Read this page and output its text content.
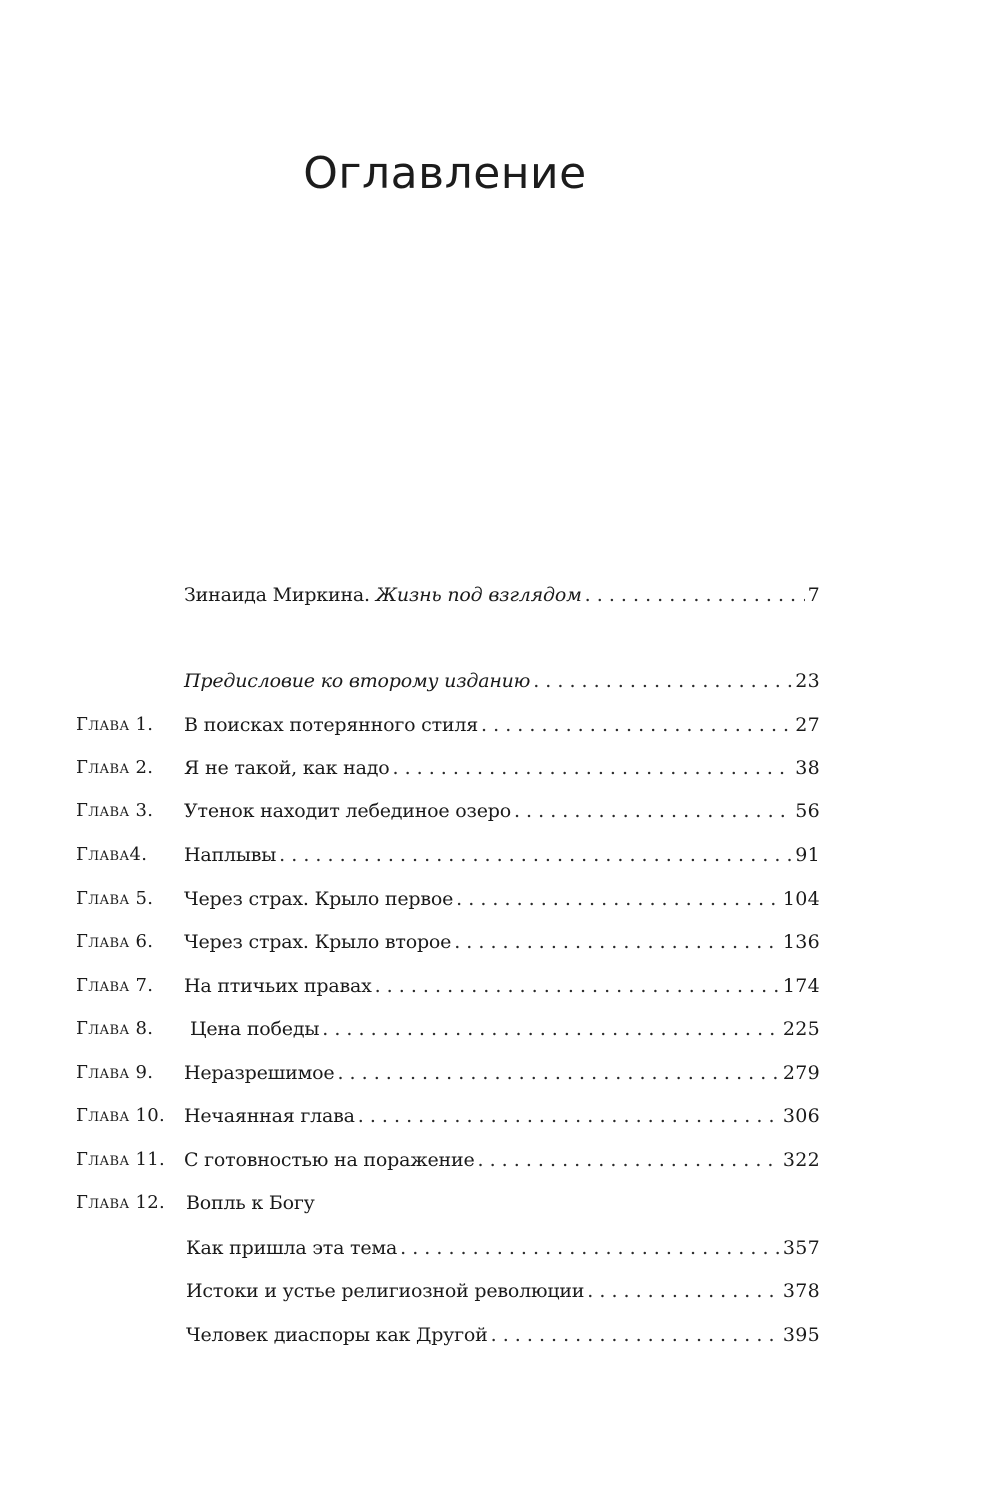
Оглавление
Зинаида Миркина. Жизнь под взглядом . . .	7
Предисловие ко второму изданию . . .	23
Глава 1. В поисках потерянного стиля . . .	27
Глава 2. Я не такой, как надо . . .	38
Глава 3. Утенок находит лебединое озеро . . .	56
Глава4. Наплывы . . .	91
Глава 5. Через страх. Крыло первое . . .	104
Глава 6. Через страх. Крыло второе . . .	136
Глава 7. На птичьих правах . . .	174
Глава 8. Цена победы . . .	225
Глава 9. Неразрешимое . . .	279
Глава 10. Нечаянная глава . . .	306
Глава 11. С готовностью на поражение . . .	322
Глава 12. Вопль к Богу
Как пришла эта тема . . .	357
Истоки и устье религиозной революции . . .	378
Человек диаспоры как Другой . . .	395
